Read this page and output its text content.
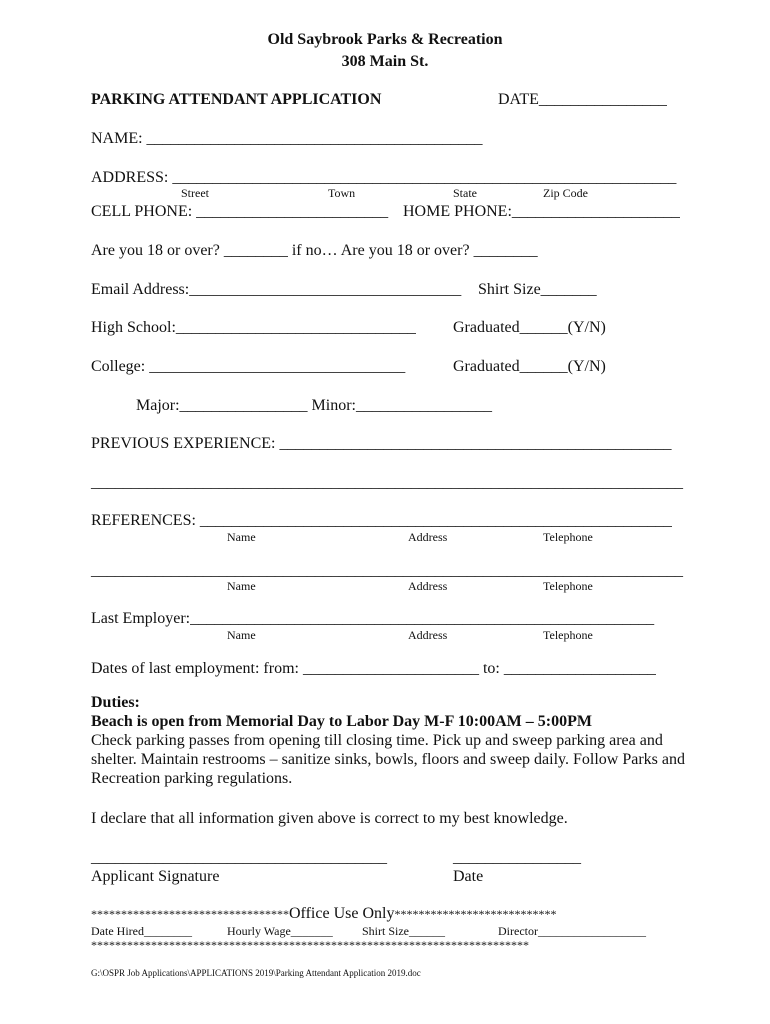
Old Saybrook Parks & Recreation
308 Main St.
PARKING ATTENDANT APPLICATION	DATE________________
NAME: __________________________________________
ADDRESS: _______________________________________________________________
Street	Town	State	Zip Code
CELL PHONE: ________________________ HOME PHONE:_____________________
Are you 18 or over? ________ if no… Are you 18 or over? ________
Email Address:__________________________________ Shirt Size_______
High School:______________________________ Graduated______(Y/N)
College: ________________________________	Graduated______(Y/N)
Major:________________ Minor:_________________
PREVIOUS EXPERIENCE: _________________________________________________
__________________________________________________________________________
REFERENCES: ___________________________________________________________
Name	Address	Telephone
__________________________________________________________________________
Name	Address	Telephone
Last Employer:__________________________________________________________
Name	Address	Telephone
Dates of last employment: from: ______________________ to: ___________________
Duties:
Beach is open from Memorial Day to Labor Day M-F 10:00AM – 5:00PM
Check parking passes from opening till closing time. Pick up and sweep parking area and shelter. Maintain restrooms – sanitize sinks, bowls, floors and sweep daily. Follow Parks and Recreation parking regulations.
I declare that all information given above is correct to my best knowledge.
_____________________________________	________________
Applicant Signature	Date
*********************************Office Use Only***************************
Date Hired________	Hourly Wage_______ Shirt Size______	Director__________________
*************************************************************************
G:\OSPR Job Applications\APPLICATIONS 2019\Parking Attendant Application 2019.doc
